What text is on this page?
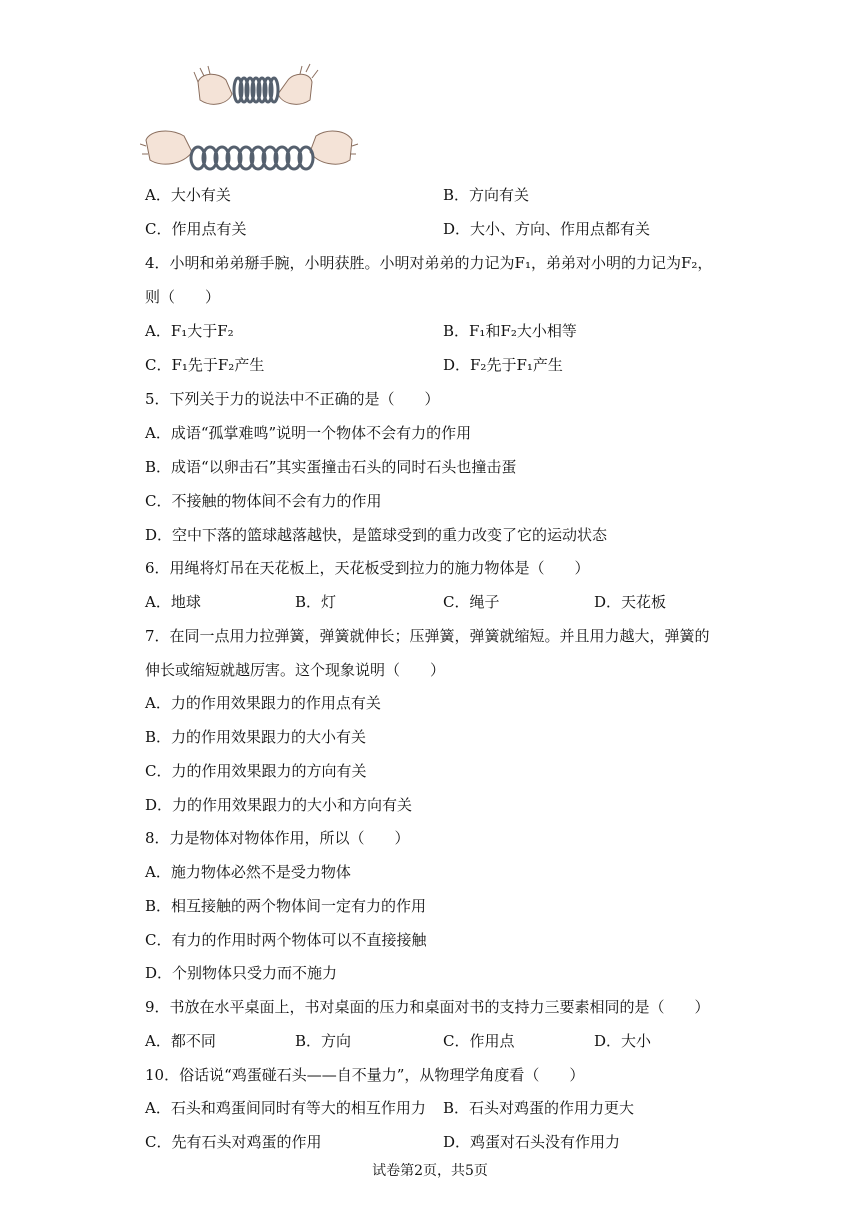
A．大小有关	B．方向有关
C．作用点有关	D．大小、方向、作用点都有关
4．小明和弟弟掰手腕，小明获胜。小明对弟弟的力记为F₁，弟弟对小明的力记为F₂，
则（　　）
A．F₁大于F₂	B．F₁和F₂大小相等
C．F₁先于F₂产生	D．F₂先于F₁产生
5．下列关于力的说法中不正确的是（　　）
A．成语“孤掌难鸣”说明一个物体不会有力的作用
B．成语“以卵击石”其实蛋撞击石头的同时石头也撞击蛋
C．不接触的物体间不会有力的作用
D．空中下落的篮球越落越快，是篮球受到的重力改变了它的运动状态
6．用绳将灯吊在天花板上，天花板受到拉力的施力物体是（　　）
A．地球	B．灯	C．绳子	D．天花板
7．在同一点用力拉弹簧，弹簧就伸长；压弹簧，弹簧就缩短。并且用力越大，弹簧的
伸长或缩短就越厉害。这个现象说明（　　）
A．力的作用效果跟力的作用点有关
B．力的作用效果跟力的大小有关
C．力的作用效果跟力的方向有关
D．力的作用效果跟力的大小和方向有关
8．力是物体对物体作用，所以（　　）
A．施力物体必然不是受力物体
B．相互接触的两个物体间一定有力的作用
C．有力的作用时两个物体可以不直接接触
D．个别物体只受力而不施力
9．书放在水平桌面上，书对桌面的压力和桌面对书的支持力三要素相同的是（　　）
A．都不同	B．方向	C．作用点	D．大小
10．俗话说“鸡蛋碰石头——自不量力”，从物理学角度看（　　）
A．石头和鸡蛋间同时有等大的相互作用力 B．石头对鸡蛋的作用力更大
C．先有石头对鸡蛋的作用	D．鸡蛋对石头没有作用力
试卷第2页，共5页
